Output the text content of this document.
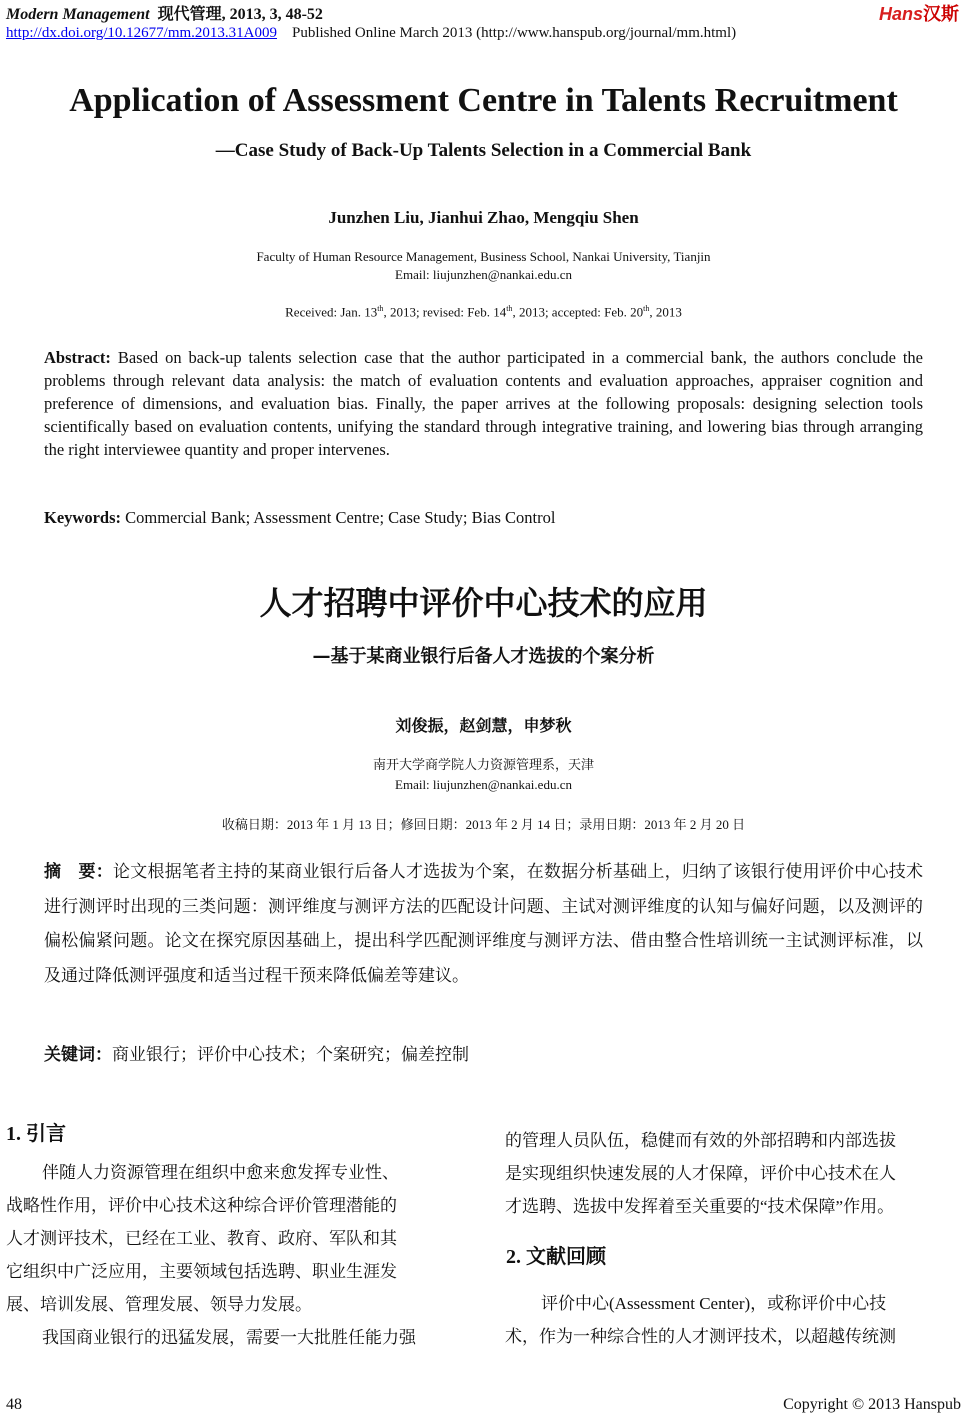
Modern Management 现代管理, 2013, 3, 48-52	Hans汉斯
http://dx.doi.org/10.12677/mm.2013.31A009 Published Online March 2013 (http://www.hanspub.org/journal/mm.html)
Application of Assessment Centre in Talents Recruitment
—Case Study of Back-Up Talents Selection in a Commercial Bank
Junzhen Liu, Jianhui Zhao, Mengqiu Shen
Faculty of Human Resource Management, Business School, Nankai University, Tianjin
Email: liujunzhen@nankai.edu.cn
Received: Jan. 13th, 2013; revised: Feb. 14th, 2013; accepted: Feb. 20th, 2013
Abstract: Based on back-up talents selection case that the author participated in a commercial bank, the authors conclude the problems through relevant data analysis: the match of evaluation contents and evaluation approaches, appraiser cognition and preference of dimensions, and evaluation bias. Finally, the paper arrives at the following proposals: designing selection tools scientifically based on evaluation contents, unifying the standard through integrative training, and lowering bias through arranging the right interviewee quantity and proper intervenes.
Keywords: Commercial Bank; Assessment Centre; Case Study; Bias Control
人才招聘中评价中心技术的应用
—基于某商业银行后备人才选拔的个案分析
刘俊振，赵剑慧，申梦秋
南开大学商学院人力资源管理系，天津
Email: liujunzhen@nankai.edu.cn
收稿日期：2013 年 1 月 13 日；修回日期：2013 年 2 月 14 日；录用日期：2013 年 2 月 20 日
摘　要：论文根据笔者主持的某商业银行后备人才选拔为个案，在数据分析基础上，归纳了该银行使用评价中心技术进行测评时出现的三类问题：测评维度与测评方法的匹配设计问题、主试对测评维度的认知与偏好问题，以及测评的偏松偏紧问题。论文在探究原因基础上，提出科学匹配测评维度与测评方法、借由整合性培训统一主试测评标准，以及通过降低测评强度和适当过程干预来降低偏差等建议。
关键词：商业银行；评价中心技术；个案研究；偏差控制
1. 引言
伴随人力资源管理在组织中愈来愈发挥专业性、
战略性作用，评价中心技术这种综合评价管理潜能的
人才测评技术，已经在工业、教育、政府、军队和其
它组织中广泛应用，主要领域包括选聘、职业生涯发
展、培训发展、管理发展、领导力发展。
我国商业银行的迅猛发展，需要一大批胜任能力强
的管理人员队伍，稳健而有效的外部招聘和内部选拔
是实现组织快速发展的人才保障，评价中心技术在人
才选聘、选拔中发挥着至关重要的“技术保障”作用。
2. 文献回顾
评价中心(Assessment Center)，或称评价中心技
术，作为一种综合性的人才测评技术，以超越传统测
48	Copyright © 2013 Hanspub
